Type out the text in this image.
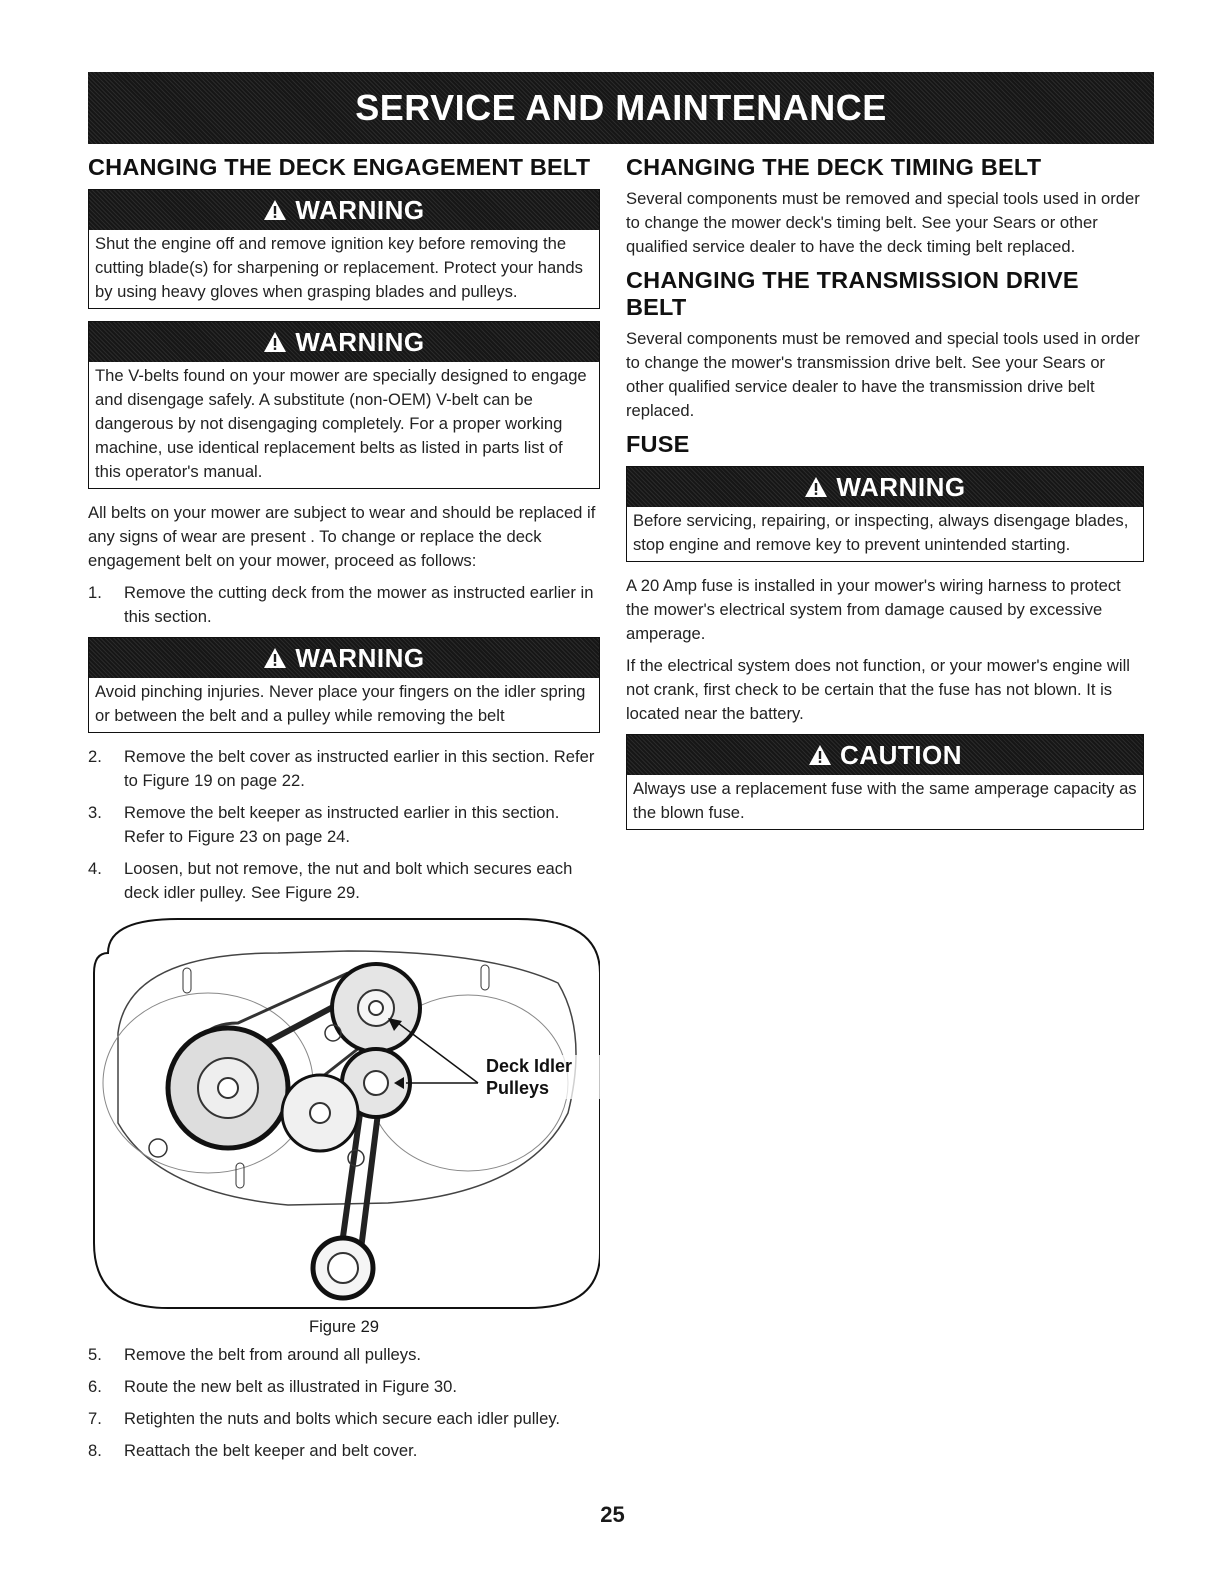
SERVICE AND MAINTENANCE
CHANGING THE DECK ENGAGEMENT BELT
WARNING
Shut the engine off and remove ignition key before removing the cutting blade(s) for sharpening or replacement. Protect your hands by using heavy gloves when grasping blades and pulleys.
WARNING
The V-belts found on your mower are specially designed to engage and disengage safely. A substitute (non-OEM) V-belt can be dangerous by not disengaging completely. For a proper working machine, use identical replacement belts as listed in parts list of this operator's manual.

All belts on your mower are subject to wear and should be replaced if any signs of wear are present . To change or replace the deck engagement belt on your mower, proceed as follows:

1.	Remove the cutting deck from the mower as instructed earlier in this section.
WARNING
Avoid pinching injuries. Never place your fingers on the idler spring or between the belt and a pulley while removing the belt
2.	Remove the belt cover as instructed earlier in this section. Refer to Figure 19 on page 22.
3.	Remove the belt keeper as instructed earlier in this section. Refer to Figure 23 on page 24.
4.	Loosen, but not remove, the nut and bolt which secures each deck idler pulley. See Figure 29.
Deck Idler Pulleys
Figure 29
5.	Remove the belt from around all pulleys.
6.	Route the new belt as illustrated in Figure 30.
7.	Retighten the nuts and bolts which secure each idler pulley.
8.	Reattach the belt keeper and belt cover.
CHANGING THE DECK TIMING BELT

Several components must be removed and special tools used in order to change the mower deck's timing belt. See your Sears or other qualified service dealer to have the deck timing belt replaced.

CHANGING THE TRANSMISSION DRIVE BELT

Several components must be removed and special tools used in order to change the mower's transmission drive belt. See your Sears or other qualified service dealer to have the transmission drive belt replaced.

FUSE
WARNING
Before servicing, repairing, or inspecting, always disengage blades, stop engine and remove key to prevent unintended starting.

A 20 Amp fuse is installed in your mower's wiring harness to protect the mower's electrical system from damage caused by excessive amperage.

If the electrical system does not function, or your mower's engine will not crank, first check to be certain that the fuse has not blown. It is located near the battery.

CAUTION
Always use a replacement fuse with the same amperage capacity as the blown fuse.
25
